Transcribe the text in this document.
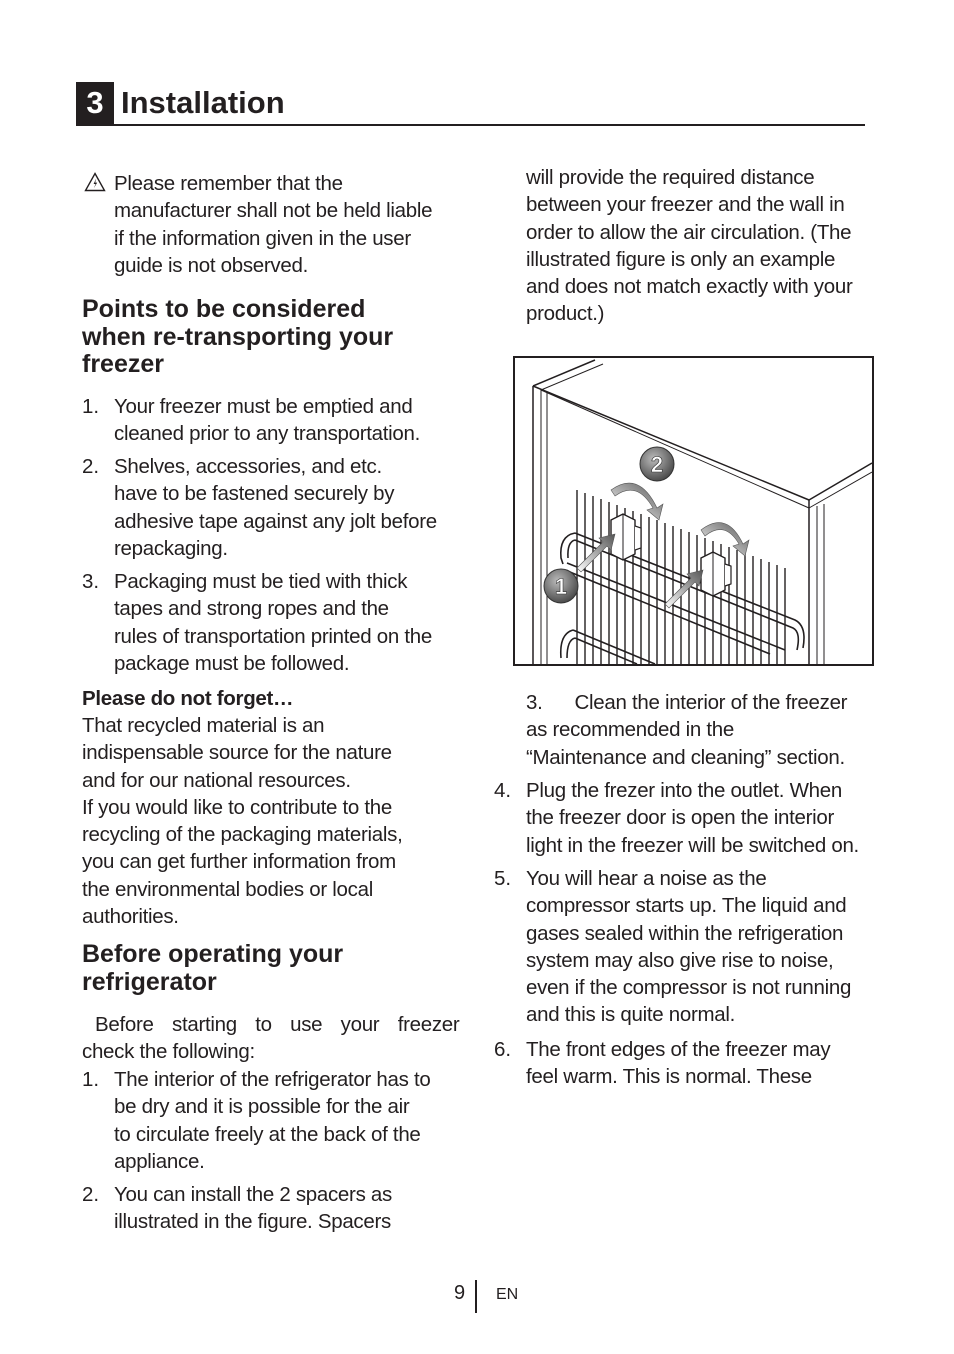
3 Installation
Please remember that the
manufacturer shall not be held liable
if the information given in the user
guide is not observed.
Points to be considered
when re-transporting your
freezer
1. Your freezer must be emptied and
cleaned prior to any transportation.
2. Shelves, accessories, and etc.
have to be fastened securely by
adhesive tape against any jolt before
repackaging.
3. Packaging must be tied with thick
tapes and strong ropes and the
rules of transportation printed on the
package must be followed.
Please do not forget…
That recycled material is an
indispensable source for the nature
and for our national resources.
If you would like to contribute to the
recycling of the packaging materials,
you can get further information from
the environmental bodies or local
authorities.
Before operating your
refrigerator
Before starting to use your freezer
check the following:
1. The interior of the refrigerator has to
be dry and it is possible for the air
to circulate freely at the back of the
appliance.
2. You can install the 2 spacers as
illustrated in the figure. Spacers
will provide the required distance
between your freezer and the wall in
order to allow the air circulation. (The
illustrated figure is only an example
and does not match exactly with your
product.)
1
2
3. Clean the interior of the freezer
as recommended in the
“Maintenance and cleaning” section.
4. Plug the frezer into the outlet. When
the freezer door is open the interior
light in the freezer will be switched on.
5. You will hear a noise as the
compressor starts up. The liquid and
gases sealed within the refrigeration
system may also give rise to noise,
even if the compressor is not running
and this is quite normal.
6. The front edges of the freezer may
feel warm. This is normal. These
9 EN
